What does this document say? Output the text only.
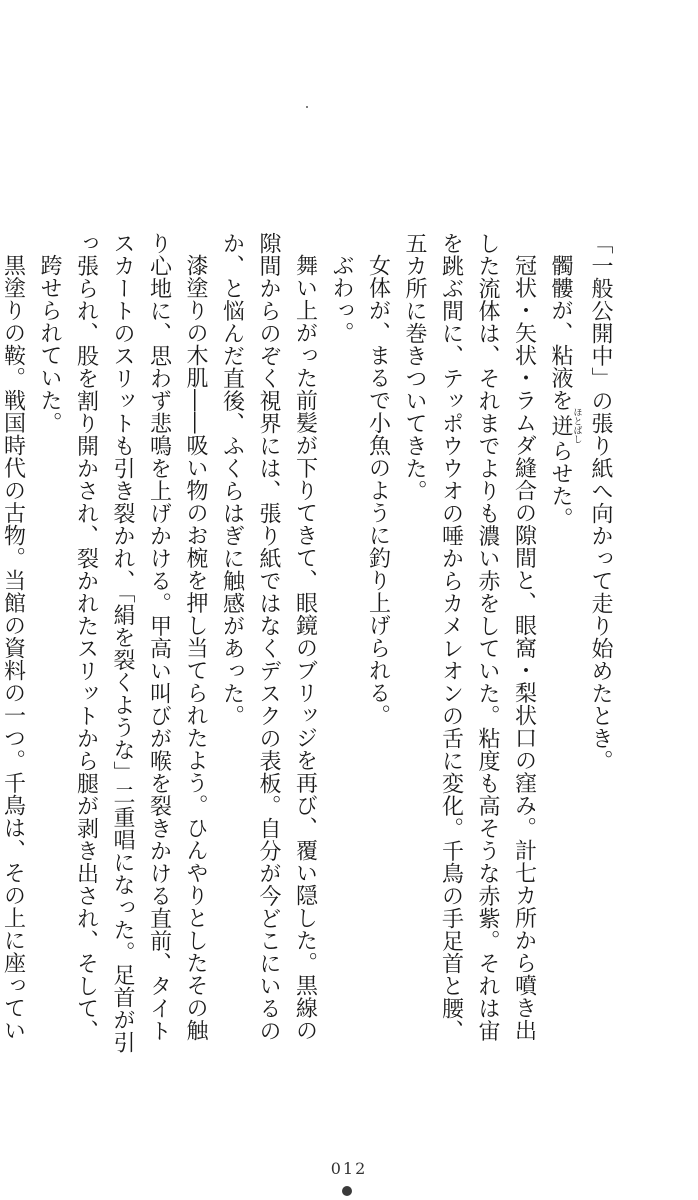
「一般公開中」の張り紙へ向かって走り始めたとき。

髑髏が、粘液を迸ほとばしらせた。

冠状・矢状・ラムダ縫合の隙間と、眼窩・梨状口の窪み。計七カ所から噴き出した流体は、それまでよりも濃い赤をしていた。粘度も高そうな赤紫。それは宙を跳ぶ間に、テッポウウオの唾からカメレオンの舌に変化。千鳥の手足首と腰、五カ所に巻きついてきた。

女体が、まるで小魚のように釣り上げられる。

ぶわっ。

舞い上がった前髪が下りてきて、眼鏡のブリッジを再び、覆い隠した。黒線の隙間からのぞく視界には、張り紙ではなくデスクの表板。自分が今どこにいるのか、と悩んだ直後、ふくらはぎに触感があった。

漆塗りの木肌――吸い物のお椀を押し当てられたよう。ひんやりとしたその触り心地に、思わず悲鳴を上げかける。甲高い叫びが喉を裂きかける直前、タイトスカートのスリットも引き裂かれ、「絹を裂くような」二重唱になった。足首が引っ張られ、股を割り開かされ、裂かれたスリットから腿が剥き出され、そして、

跨せられていた。

黒塗りの鞍。戦国時代の古物。当館の資料の一つ。千鳥は、その上に座ってい

012
